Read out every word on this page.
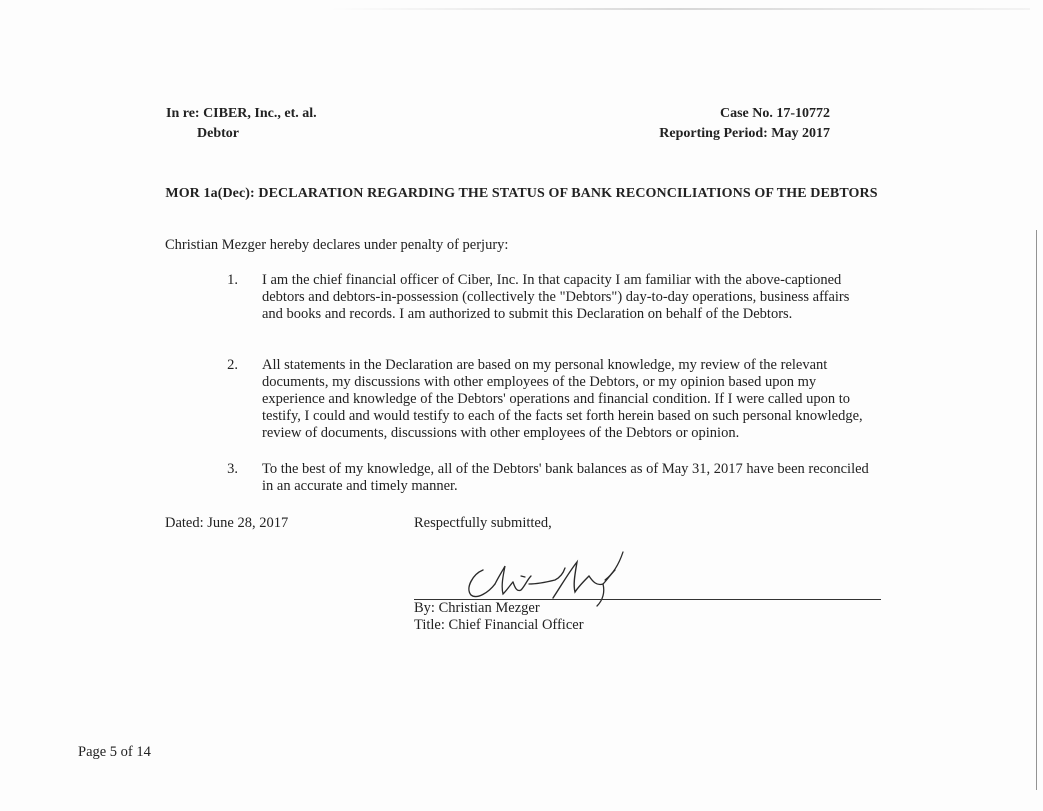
In re: CIBER, Inc., et. al.
Debtor
Case No. 17-10772
Reporting Period: May 2017
MOR 1a(Dec): DECLARATION REGARDING THE STATUS OF BANK RECONCILIATIONS OF THE DEBTORS
Christian Mezger hereby declares under penalty of perjury:
1. I am the chief financial officer of Ciber, Inc. In that capacity I am familiar with the above-captioned debtors and debtors-in-possession (collectively the "Debtors") day-to-day operations, business affairs and books and records. I am authorized to submit this Declaration on behalf of the Debtors.
2. All statements in the Declaration are based on my personal knowledge, my review of the relevant documents, my discussions with other employees of the Debtors, or my opinion based upon my experience and knowledge of the Debtors' operations and financial condition. If I were called upon to testify, I could and would testify to each of the facts set forth herein based on such personal knowledge, review of documents, discussions with other employees of the Debtors or opinion.
3. To the best of my knowledge, all of the Debtors' bank balances as of May 31, 2017 have been reconciled in an accurate and timely manner.
Dated: June 28, 2017	Respectfully submitted,
By: Christian Mezger
Title: Chief Financial Officer
Page 5 of 14
